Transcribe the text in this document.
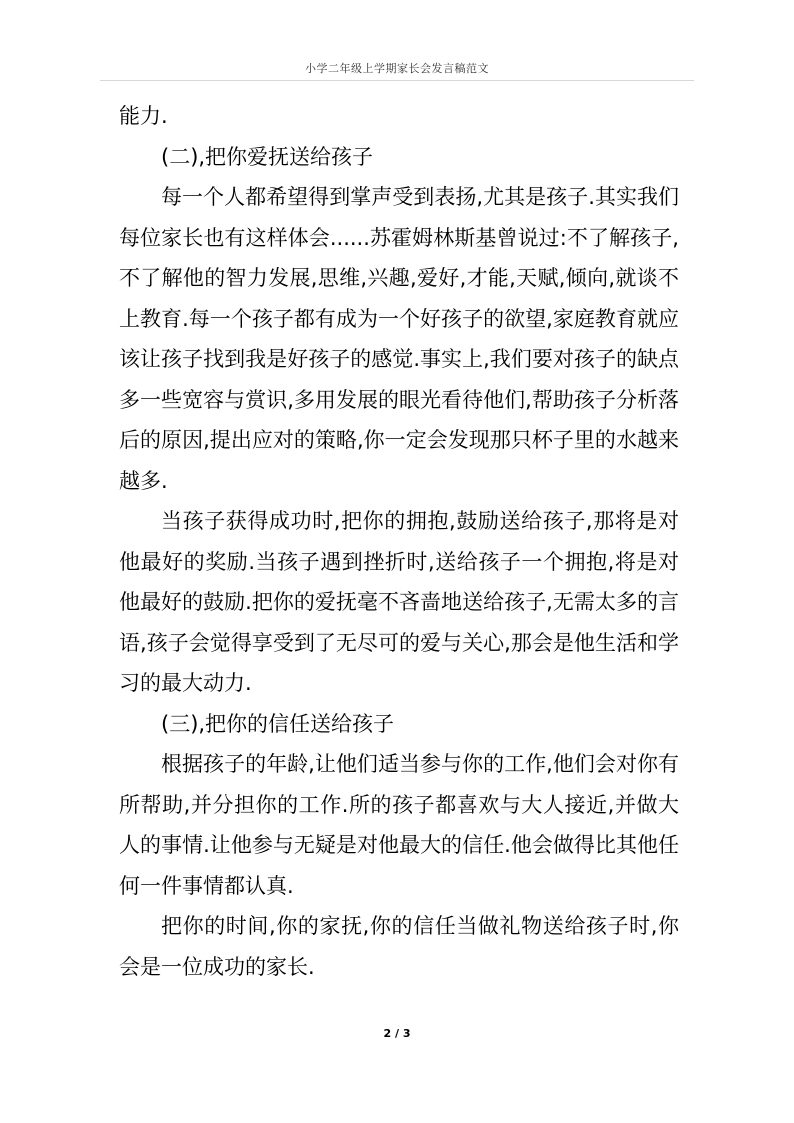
小学二年级上学期家长会发言稿范文

能力.

(二),把你爱抚送给孩子

每一个人都希望得到掌声受到表扬,尤其是孩子.其实我们每位家长也有这样体会......苏霍姆林斯基曾说过:不了解孩子,不了解他的智力发展,思维,兴趣,爱好,才能,天赋,倾向,就谈不上教育.每一个孩子都有成为一个好孩子的欲望,家庭教育就应该让孩子找到我是好孩子的感觉.事实上,我们要对孩子的缺点多一些宽容与赏识,多用发展的眼光看待他们,帮助孩子分析落后的原因,提出应对的策略,你一定会发现那只杯子里的水越来越多.

当孩子获得成功时,把你的拥抱,鼓励送给孩子,那将是对他最好的奖励.当孩子遇到挫折时,送给孩子一个拥抱,将是对他最好的鼓励.把你的爱抚毫不吝啬地送给孩子,无需太多的言语,孩子会觉得享受到了无尽可的爱与关心,那会是他生活和学习的最大动力.

(三),把你的信任送给孩子

根据孩子的年龄,让他们适当参与你的工作,他们会对你有所帮助,并分担你的工作.所的孩子都喜欢与大人接近,并做大人的事情.让他参与无疑是对他最大的信任.他会做得比其他任何一件事情都认真.

把你的时间,你的家抚,你的信任当做礼物送给孩子时,你会是一位成功的家长.

2 / 3
